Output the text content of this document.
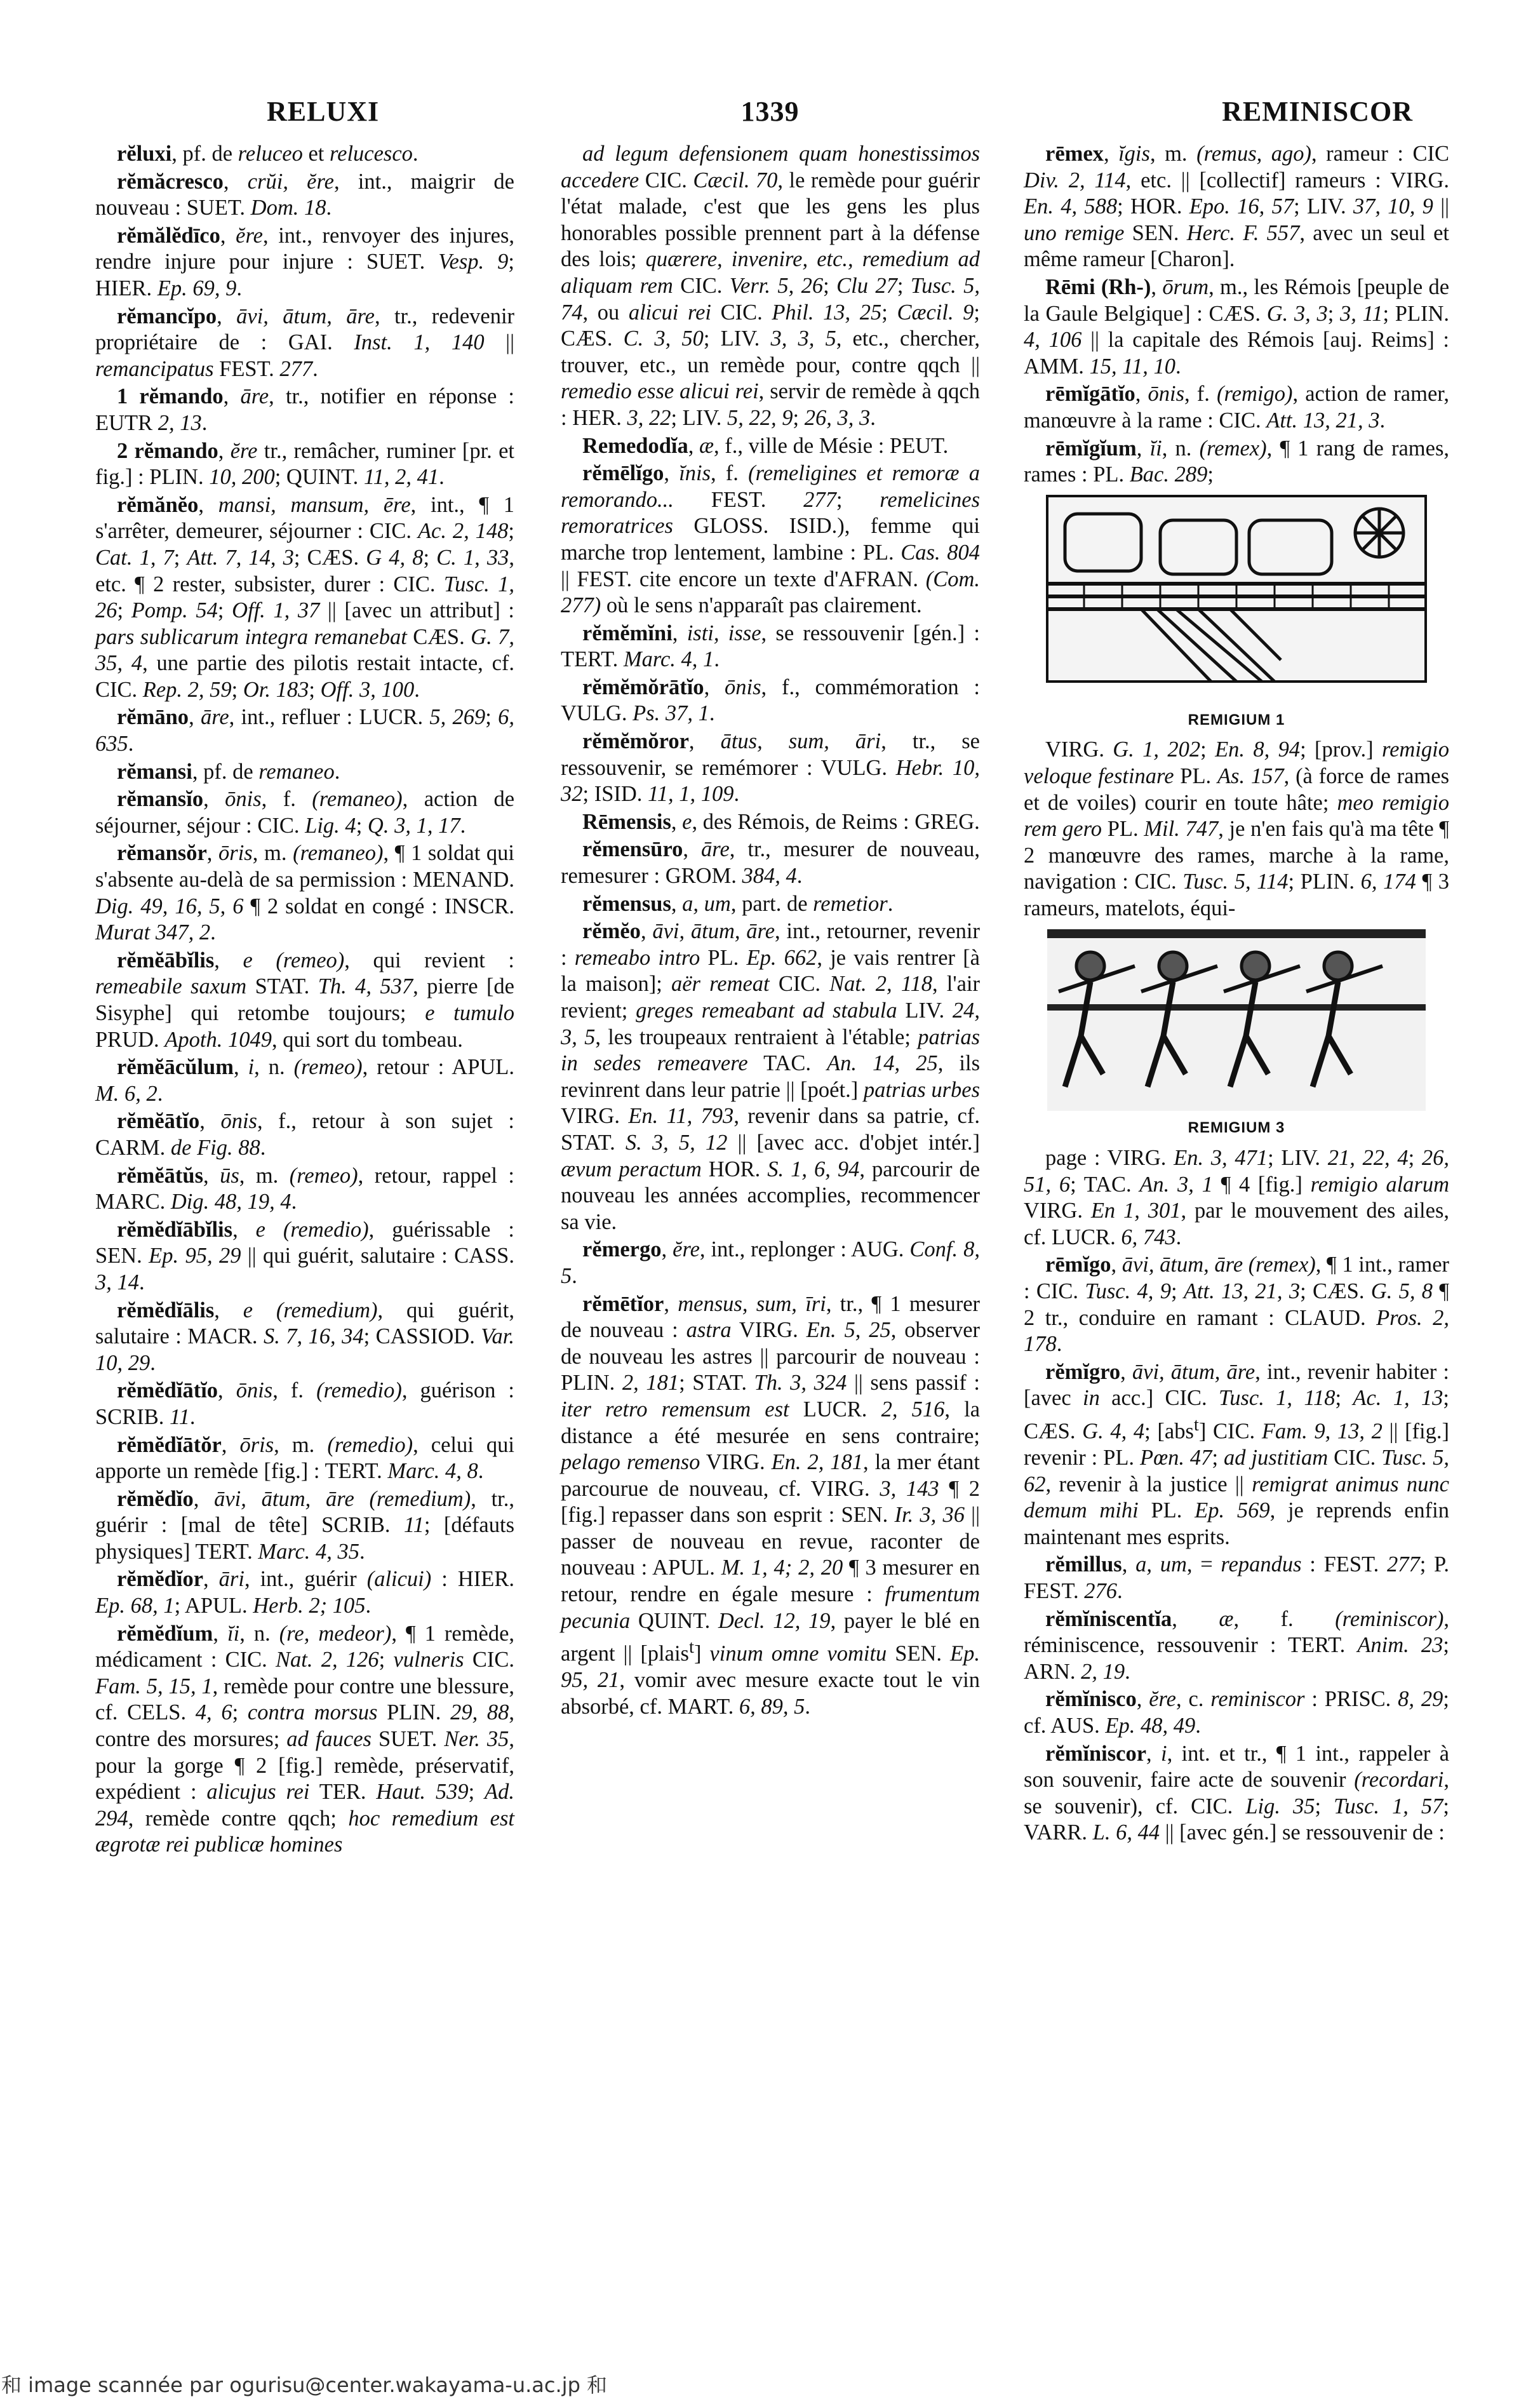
RELUXI	1339	REMINISCOR
rĕluxi, pf. de reluceo et relucesco.
rĕmăcresco, crŭi, ĕre, int., maigrir de nouveau : SUET. Dom. 18.
rĕmălĕdīco, ĕre, int., renvoyer des injures, rendre injure pour injure : SUET. Vesp. 9; HIER. Ep. 69, 9.
rĕmancĭpo, āvi, ātum, āre, tr., redevenir propriétaire de : GAI. Inst. 1, 140 || remancipatus FEST. 277.
1 rĕmando, āre, tr., notifier en réponse : EUTR 2, 13.
2 rĕmando, ĕre tr., remâcher, ruminer [pr. et fig.] : PLIN. 10, 200; QUINT. 11, 2, 41.
rĕmănĕo, mansi, mansum, ēre, int., ¶ 1 s'arrêter, demeurer, séjourner : CIC. Ac. 2, 148; Cat. 1, 7; Att. 7, 14, 3; CÆS. G 4, 8; C. 1, 33, etc. ¶ 2 rester, subsister, durer : CIC. Tusc. 1, 26; Pomp. 54; Off. 1, 37 || [avec un attribut] : pars sublicarum integra remanebat CÆS. G. 7, 35, 4, une partie des pilotis restait intacte, cf. CIC. Rep. 2, 59; Or. 183; Off. 3, 100.
rĕmāno, āre, int., refluer : LUCR. 5, 269; 6, 635.
rĕmansi, pf. de remaneo.
rĕmansĭo, ōnis, f. (remaneo), action de séjourner, séjour : CIC. Lig. 4; Q. 3, 1, 17.
rĕmansŏr, ōris, m. (remaneo), ¶ 1 soldat qui s'absente au-delà de sa permission : MENAND. Dig. 49, 16, 5, 6 ¶ 2 soldat en congé : INSCR. Murat 347, 2.
rĕmĕābĭlis, e (remeo), qui revient : remeabile saxum STAT. Th. 4, 537, pierre [de Sisyphe] qui retombe toujours; e tumulo PRUD. Apoth. 1049, qui sort du tombeau.
rĕmĕācŭlum, i, n. (remeo), retour : APUL. M. 6, 2.
rĕmĕātĭo, ōnis, f., retour à son sujet : CARM. de Fig. 88.
rĕmĕātŭs, ūs, m. (remeo), retour, rappel : MARC. Dig. 48, 19, 4.
rĕmĕdĭābĭlis, e (remedio), guérissable : SEN. Ep. 95, 29 || qui guérit, salutaire : CASS. 3, 14.
rĕmĕdĭālis, e (remedium), qui guérit, salutaire : MACR. S. 7, 16, 34; CASSIOD. Var. 10, 29.
rĕmĕdĭātĭo, ōnis, f. (remedio), guérison : SCRIB. 11.
rĕmĕdĭātŏr, ōris, m. (remedio), celui qui apporte un remède [fig.] : TERT. Marc. 4, 8.
rĕmĕdĭo, āvi, ātum, āre (remedium), tr., guérir : [mal de tête] SCRIB. 11; [défauts physiques] TERT. Marc. 4, 35.
rĕmĕdĭor, āri, int., guérir (alicui) : HIER. Ep. 68, 1; APUL. Herb. 2; 105.
rĕmĕdĭum, ĭi, n. (re, medeor), ¶ 1 remède, médicament : CIC. Nat. 2, 126; vulneris CIC. Fam. 5, 15, 1, remède pour contre une blessure, cf. CELS. 4, 6; contra morsus PLIN. 29, 88, contre des morsures; ad fauces SUET. Ner. 35, pour la gorge ¶ 2 [fig.] remède, préservatif, expédient : alicujus rei TER. Haut. 539; Ad. 294, remède contre qqch; hoc remedium est ægrotæ rei publicæ homines
ad legum defensionem quam honestissimos accedere CIC. Cæcil. 70, le remède pour guérir l'état malade, c'est que les gens les plus honorables possible prennent part à la défense des lois; quærere, invenire, etc., remedium ad aliquam rem CIC. Verr. 5, 26; Clu 27; Tusc. 5, 74, ou alicui rei CIC. Phil. 13, 25; Cæcil. 9; CÆS. C. 3, 50; LIV. 3, 3, 5, etc., chercher, trouver, etc., un remède pour, contre qqch || remedio esse alicui rei, servir de remède à qqch : HER. 3, 22; LIV. 5, 22, 9; 26, 3, 3.
Remedodĭa, æ, f., ville de Mésie : PEUT.
rĕmēlĭgo, ĭnis, f. (remeligines et remoræ a remorando... FEST. 277; remelicines remoratrices GLOSS. ISID.), femme qui marche trop lentement, lambine : PL. Cas. 804 || FEST. cite encore un texte d'AFRAN. (Com. 277) où le sens n'apparaît pas clairement.
rĕmĕmĭni, isti, isse, se ressouvenir [gén.] : TERT. Marc. 4, 1.
rĕmĕmŏrātĭo, ōnis, f., commémoration : VULG. Ps. 37, 1.
rĕmĕmŏror, ātus, sum, āri, tr., se ressouvenir, se remémorer : VULG. Hebr. 10, 32; ISID. 11, 1, 109.
Rēmensis, e, des Rémois, de Reims : GREG.
rĕmensūro, āre, tr., mesurer de nouveau, remesurer : GROM. 384, 4.
rĕmensus, a, um, part. de remetior.
rĕmĕo, āvi, ātum, āre, int., retourner, revenir : remeabo intro PL. Ep. 662, je vais rentrer [à la maison]; aër remeat CIC. Nat. 2, 118, l'air revient; greges remeabant ad stabula LIV. 24, 3, 5, les troupeaux rentraient à l'étable; patrias in sedes remeavere TAC. An. 14, 25, ils revinrent dans leur patrie || [poét.] patrias urbes VIRG. En. 11, 793, revenir dans sa patrie, cf. STAT. S. 3, 5, 12 || [avec acc. d'objet intér.] ævum peractum HOR. S. 1, 6, 94, parcourir de nouveau les années accomplies, recommencer sa vie.
rĕmergo, ĕre, int., replonger : AUG. Conf. 8, 5.
rĕmētĭor, mensus, sum, īri, tr., ¶ 1 mesurer de nouveau : astra VIRG. En. 5, 25, observer de nouveau les astres || parcourir de nouveau : PLIN. 2, 181; STAT. Th. 3, 324 || sens passif : iter retro remensum est LUCR. 2, 516, la distance a été mesurée en sens contraire; pelago remenso VIRG. En. 2, 181, la mer étant parcourue de nouveau, cf. VIRG. 3, 143 ¶ 2 [fig.] repasser dans son esprit : SEN. Ir. 3, 36 || passer de nouveau en revue, raconter de nouveau : APUL. M. 1, 4; 2, 20 ¶ 3 mesurer en retour, rendre en égale mesure : frumentum pecunia QUINT. Decl. 12, 19, payer le blé en argent || [plais$^t$] vinum omne vomitu SEN. Ep. 95, 21, vomir avec mesure exacte tout le vin absorbé, cf. MART. 6, 89, 5.
rēmex, ĭgis, m. (remus, ago), rameur : CIC Div. 2, 114, etc. || [collectif] rameurs : VIRG. En. 4, 588; HOR. Epo. 16, 57; LIV. 37, 10, 9 || uno remige SEN. Herc. F. 557, avec un seul et même rameur [Charon].
Rēmi (Rh-), ōrum, m., les Rémois [peuple de la Gaule Belgique] : CÆS. G. 3, 3; 3, 11; PLIN. 4, 106 || la capitale des Rémois [auj. Reims] : AMM. 15, 11, 10.
rēmĭgātĭo, ōnis, f. (remigo), action de ramer, manœuvre à la rame : CIC. Att. 13, 21, 3.
rēmĭgĭum, ĭi, n. (remex), ¶ 1 rang de rames, rames : PL. Bac. 289;
REMIGIUM 1
VIRG. G. 1, 202; En. 8, 94; [prov.] remigio veloque festinare PL. As. 157, (à force de rames et de voiles) courir en toute hâte; meo remigio rem gero PL. Mil. 747, je n'en fais qu'à ma tête ¶ 2 manœuvre des rames, marche à la rame, navigation : CIC. Tusc. 5, 114; PLIN. 6, 174 ¶ 3 rameurs, matelots, équi-
REMIGIUM 3
page : VIRG. En. 3, 471; LIV. 21, 22, 4; 26, 51, 6; TAC. An. 3, 1 ¶ 4 [fig.] remigio alarum VIRG. En 1, 301, par le mouvement des ailes, cf. LUCR. 6, 743.
rēmĭgo, āvi, ātum, āre (remex), ¶ 1 int., ramer : CIC. Tusc. 4, 9; Att. 13, 21, 3; CÆS. G. 5, 8 ¶ 2 tr., conduire en ramant : CLAUD. Pros. 2, 178.
rĕmĭgro, āvi, ātum, āre, int., revenir habiter : [avec in acc.] CIC. Tusc. 1, 118; Ac. 1, 13; CÆS. G. 4, 4; [abs$^t$] CIC. Fam. 9, 13, 2 || [fig.] revenir : PL. Pœn. 47; ad justitiam CIC. Tusc. 5, 62, revenir à la justice || remigrat animus nunc demum mihi PL. Ep. 569, je reprends enfin maintenant mes esprits.
rĕmillus, a, um, = repandus : FEST. 277; P. FEST. 276.
rĕmĭniscentĭa, æ, f. (reminiscor), réminiscence, ressouvenir : TERT. Anim. 23; ARN. 2, 19.
rĕmĭnisco, ĕre, c. reminiscor : PRISC. 8, 29; cf. AUS. Ep. 48, 49.
rĕmĭniscor, i, int. et tr., ¶ 1 int., rappeler à son souvenir, faire acte de souvenir (recordari, se souvenir), cf. CIC. Lig. 35; Tusc. 1, 57; VARR. L. 6, 44 || [avec gén.] se ressouvenir de :
和 image scannée par ogurisu@center.wakayama-u.ac.jp 和
